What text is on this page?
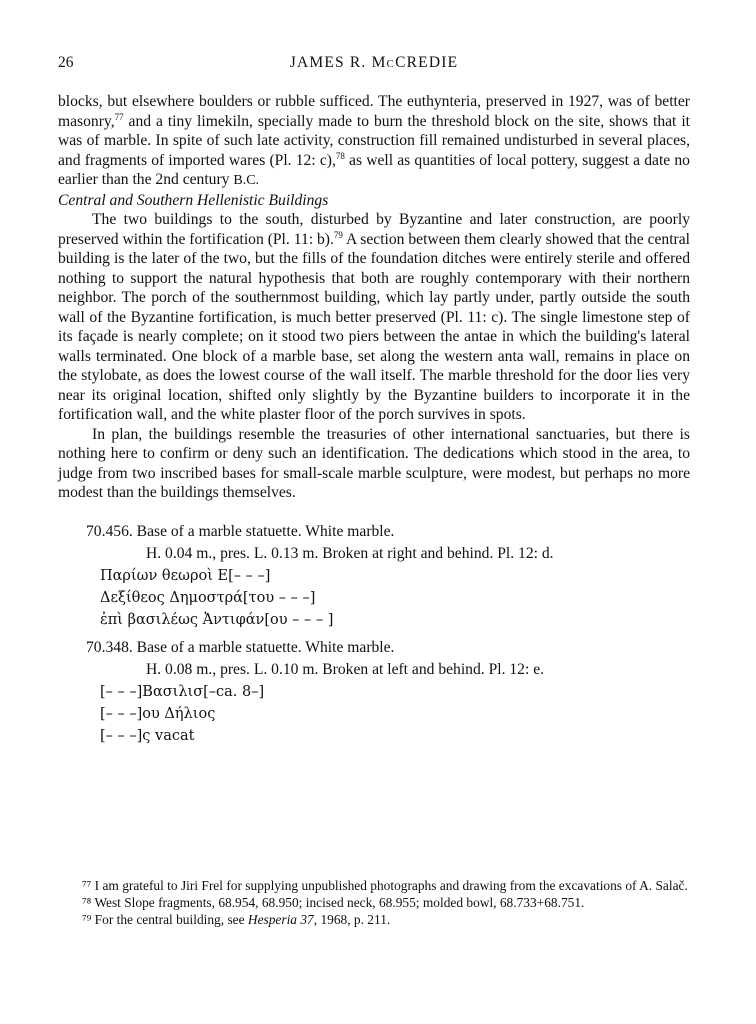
26	JAMES R. McCREDIE

blocks, but elsewhere boulders or rubble sufficed. The euthynteria, preserved in 1927, was of better masonry,$^{77}$ and a tiny limekiln, specially made to burn the threshold block on the site, shows that it was of marble. In spite of such late activity, construction fill remained undisturbed in several places, and fragments of imported wares (Pl. 12: c),$^{78}$ as well as quantities of local pottery, suggest a date no earlier than the 2nd century B.C.

Central and Southern Hellenistic Buildings

The two buildings to the south, disturbed by Byzantine and later construction, are poorly preserved within the fortification (Pl. 11: b).$^{79}$ A section between them clearly showed that the central building is the later of the two, but the fills of the foundation ditches were entirely sterile and offered nothing to support the natural hypothesis that both are roughly contemporary with their northern neighbor. The porch of the southernmost building, which lay partly under, partly outside the south wall of the Byzantine fortification, is much better preserved (Pl. 11: c). The single limestone step of its façade is nearly complete; on it stood two piers between the antae in which the building's lateral walls terminated. One block of a marble base, set along the western anta wall, remains in place on the stylobate, as does the lowest course of the wall itself. The marble threshold for the door lies very near its original location, shifted only slightly by the Byzantine builders to incorporate it in the fortification wall, and the white plaster floor of the porch survives in spots.

In plan, the buildings resemble the treasuries of other international sanctuaries, but there is nothing here to confirm or deny such an identification. The dedications which stood in the area, to judge from two inscribed bases for small-scale marble sculpture, were modest, but perhaps no more modest than the buildings themselves.

70.456. Base of a marble statuette. White marble.
H. 0.04 m., pres. L. 0.13 m. Broken at right and behind. Pl. 12: d.
Παρίων θεωροὶ Ε[– – –]
Δεξίθεος Δημοστρά[του – – –]
ἐπὶ βασιλέως Ἀντιφάν[ου – – – ]
70.348. Base of a marble statuette. White marble.
H. 0.08 m., pres. L. 0.10 m. Broken at left and behind. Pl. 12: e.
[– – –]Βασιλισ[–ca. 8–]
[– – –]ου Δήλιος
[– – –]ς vacat

⁷⁷ I am grateful to Jiri Frel for supplying unpublished photographs and drawing from the excavations of A. Salač.

⁷⁸ West Slope fragments, 68.954, 68.950; incised neck, 68.955; molded bowl, 68.733+68.751.

⁷⁹ For the central building, see Hesperia 37, 1968, p. 211.
